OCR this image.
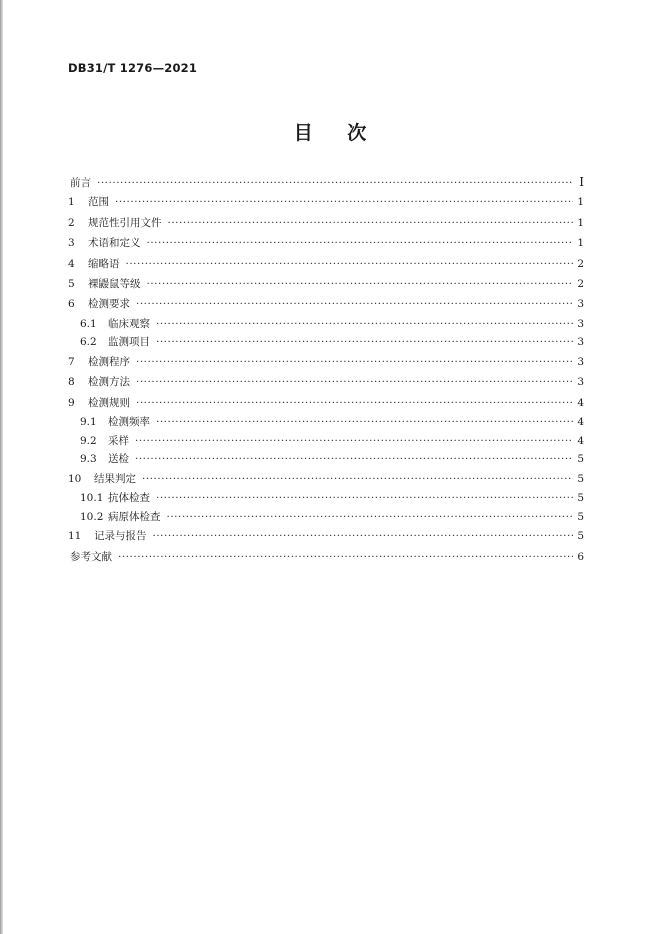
DB31/T 1276—2021
目 次
前言 ·····	I
1	范围 ·····	1
2	规范性引用文件 ·····	1
3	术语和定义 ·····	1
4	缩略语 ·····	2
5	裸鼹鼠等级 ·····	2
6	检测要求 ·····	3
6.1	临床观察 ·····	3
6.2	监测项目 ·····	3
7	检测程序 ·····	3
8	检测方法 ·····	3
9	检测规则 ·····	4
9.1	检测频率 ·····	4
9.2	采样 ·····	4
9.3	送检 ·····	5
10	结果判定 ·····	5
10.1 抗体检查 ·····	5
10.2 病原体检查 ·····	5
11	记录与报告 ·····	5
参考文献 ·····	6
